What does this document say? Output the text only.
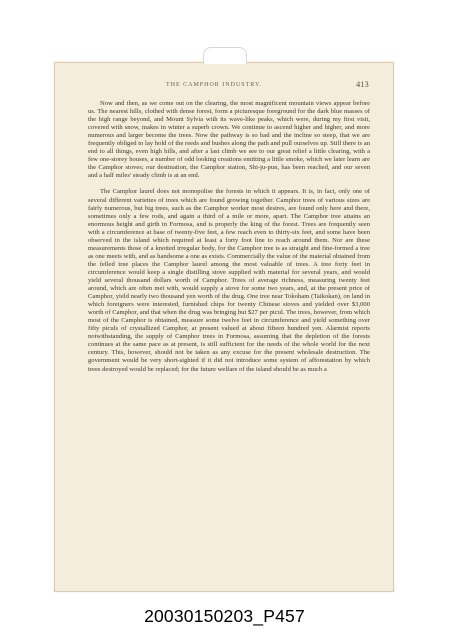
THE CAMPHOR INDUSTRY.	413

Now and then, as we come out on the clearing, the most magnificent mountain views appear before us. The nearest hills, clothed with dense forest, form a picturesque foreground for the dark blue masses of the high range beyond, and Mount Sylvia with its wave-like peaks, which were, during my first visit, covered with snow, makes in winter a superb crown. We continue to ascend higher and higher, and more numerous and larger become the trees. Now the pathway is so bad and the incline so steep, that we are frequently obliged to lay hold of the reeds and bushes along the path and pull ourselves up. Still there is an end to all things, even high hills, and after a last climb we see to our great relief a little clearing, with a few one-storey houses, a number of odd looking creations emitting a little smoke, which we later learn are the Camphor stoves; our destination, the Camphor station, Shi-ju-pun, has been reached, and our seven and a half miles' steady climb is at an end.

The Camphor laurel does not monopolise the forests in which it appears. It is, in fact, only one of several different varieties of trees which are found growing together. Camphor trees of various sizes are fairly numerous, but big trees, such as the Camphor worker most desires, are found only here and there, sometimes only a few rods, and again a third of a mile or more, apart. The Camphor tree attains an enormous height and girth in Formosa, and is properly the king of the forest. Trees are frequently seen with a circumference at base of twenty-five feet, a few reach even to thirty-six feet, and some have been observed in the island which required at least a forty foot line to reach around them. Nor are these measurements those of a knotted irregular body, for the Camphor tree is as straight and fine-formed a tree as one meets with, and as handsome a one as exists. Commercially the value of the material obtained from the felled tree places the Camphor laurel among the most valuable of trees. A tree forty feet in circumference would keep a single distilling stove supplied with material for several years, and would yield several thousand dollars worth of Camphor. Trees of average richness, measuring twenty feet around, which are often met with, would supply a stove for some two years, and, at the present price of Camphor, yield nearly two thousand yen worth of the drug. One tree near Tokoham (Taikokan), on land in which foreigners were interested, furnished chips for twenty Chinese stoves and yielded over $3,000 worth of Camphor, and that when the drug was bringing but $27 per picul. The trees, however, from which most of the Camphor is obtained, measure some twelve feet in circumference and yield something over fifty piculs of crystallized Camphor, at present valued at about fifteen hundred yen. Alarmist reports notwithstanding, the supply of Camphor trees in Formosa, assuming that the depletion of the forests continues at the same pace as at present, is still sufficient for the needs of the whole world for the next century. This, however, should not be taken as any excuse for the present wholesale destruction. The government would be very short-sighted if it did not introduce some system of afforestation by which trees destroyed would be replaced; for the future welfare of the island should be as much a

20030150203_P457
